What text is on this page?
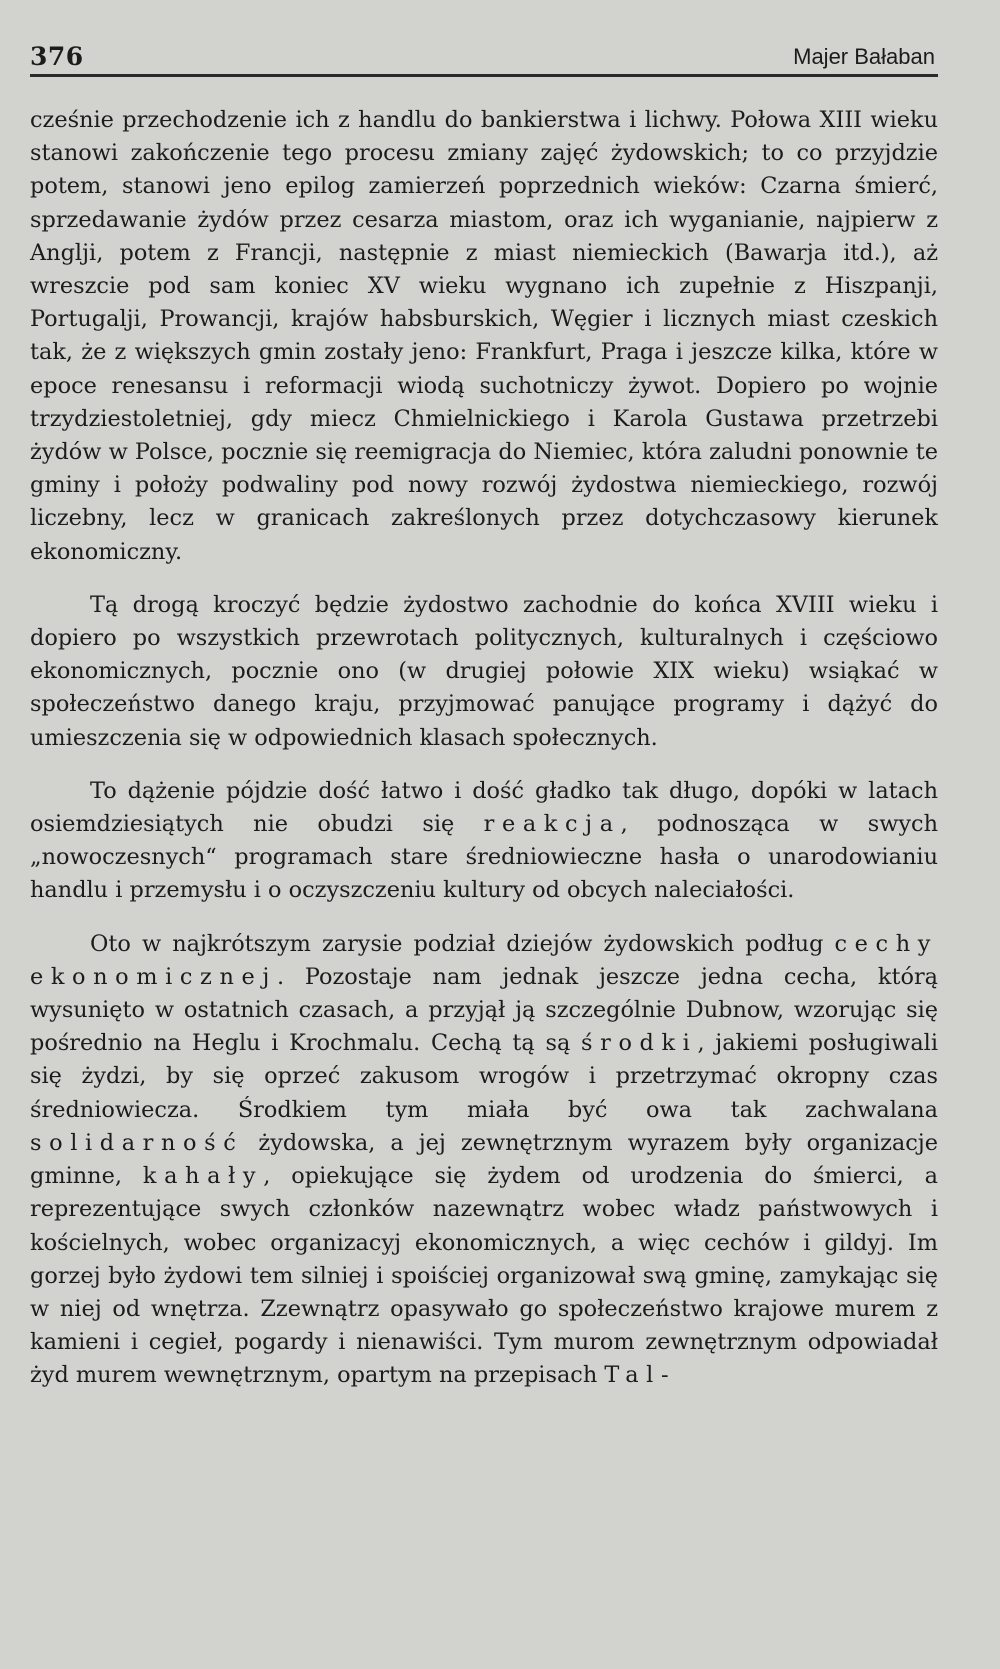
376	Majer Bałaban

cześnie przechodzenie ich z handlu do bankierstwa i lichwy. Połowa XIII wieku stanowi zakończenie tego procesu zmiany zajęć żydowskich; to co przyjdzie potem, stanowi jeno epilog zamierzeń poprzednich wieków: Czarna śmierć, sprzedawanie żydów przez cesarza miastom, oraz ich wyganianie, najpierw z Anglji, potem z Francji, następnie z miast niemieckich (Bawarja itd.), aż wreszcie pod sam koniec XV wieku wygnano ich zupełnie z Hiszpanji, Portugalji, Prowancji, krajów habsburskich, Węgier i licznych miast czeskich tak, że z większych gmin zostały jeno: Frankfurt, Praga i jeszcze kilka, które w epoce renesansu i reformacji wiodą suchotniczy żywot. Dopiero po wojnie trzydziestoletniej, gdy miecz Chmielnickiego i Karola Gustawa przetrzebi żydów w Polsce, pocznie się reemigracja do Niemiec, która zaludni ponownie te gminy i położy podwaliny pod nowy rozwój żydostwa niemieckiego, rozwój liczebny, lecz w granicach zakreślonych przez dotychczasowy kierunek ekonomiczny.

Tą drogą kroczyć będzie żydostwo zachodnie do końca XVIII wieku i dopiero po wszystkich przewrotach politycznych, kulturalnych i częściowo ekonomicznych, pocznie ono (w drugiej połowie XIX wieku) wsiąkać w społeczeństwo danego kraju, przyjmować panujące programy i dążyć do umieszczenia się w odpowiednich klasach społecznych.

To dążenie pójdzie dość łatwo i dość gładko tak długo, dopóki w latach osiemdziesiątych nie obudzi się reakcja, podnosząca w swych „nowoczesnych“ programach stare średniowieczne hasła o unarodowianiu handlu i przemysłu i o oczyszczeniu kultury od obcych naleciałości.

Oto w najkrótszym zarysie podział dziejów żydowskich podług cechy ekonomicznej. Pozostaje nam jednak jeszcze jedna cecha, którą wysunięto w ostatnich czasach, a przyjął ją szczególnie Dubnow, wzorując się pośrednio na Heglu i Krochmalu. Cechą tą są środki, jakiemi posługiwali się żydzi, by się oprzeć zakusom wrogów i przetrzymać okropny czas średniowiecza. Środkiem tym miała być owa tak zachwalana solidarność żydowska, a jej zewnętrznym wyrazem były organizacje gminne, kahały, opiekujące się żydem od urodzenia do śmierci, a reprezentujące swych członków nazewnątrz wobec władz państwowych i kościelnych, wobec organizacyj ekonomicznych, a więc cechów i gildyj. Im gorzej było żydowi tem silniej i spoiściej organizował swą gminę, zamykając się w niej od wnętrza. Zzewnątrz opasywało go społeczeństwo krajowe murem z kamieni i cegieł, pogardy i nienawiści. Tym murom zewnętrznym odpowiadał żyd murem wewnętrznym, opartym na przepisach Tal-
